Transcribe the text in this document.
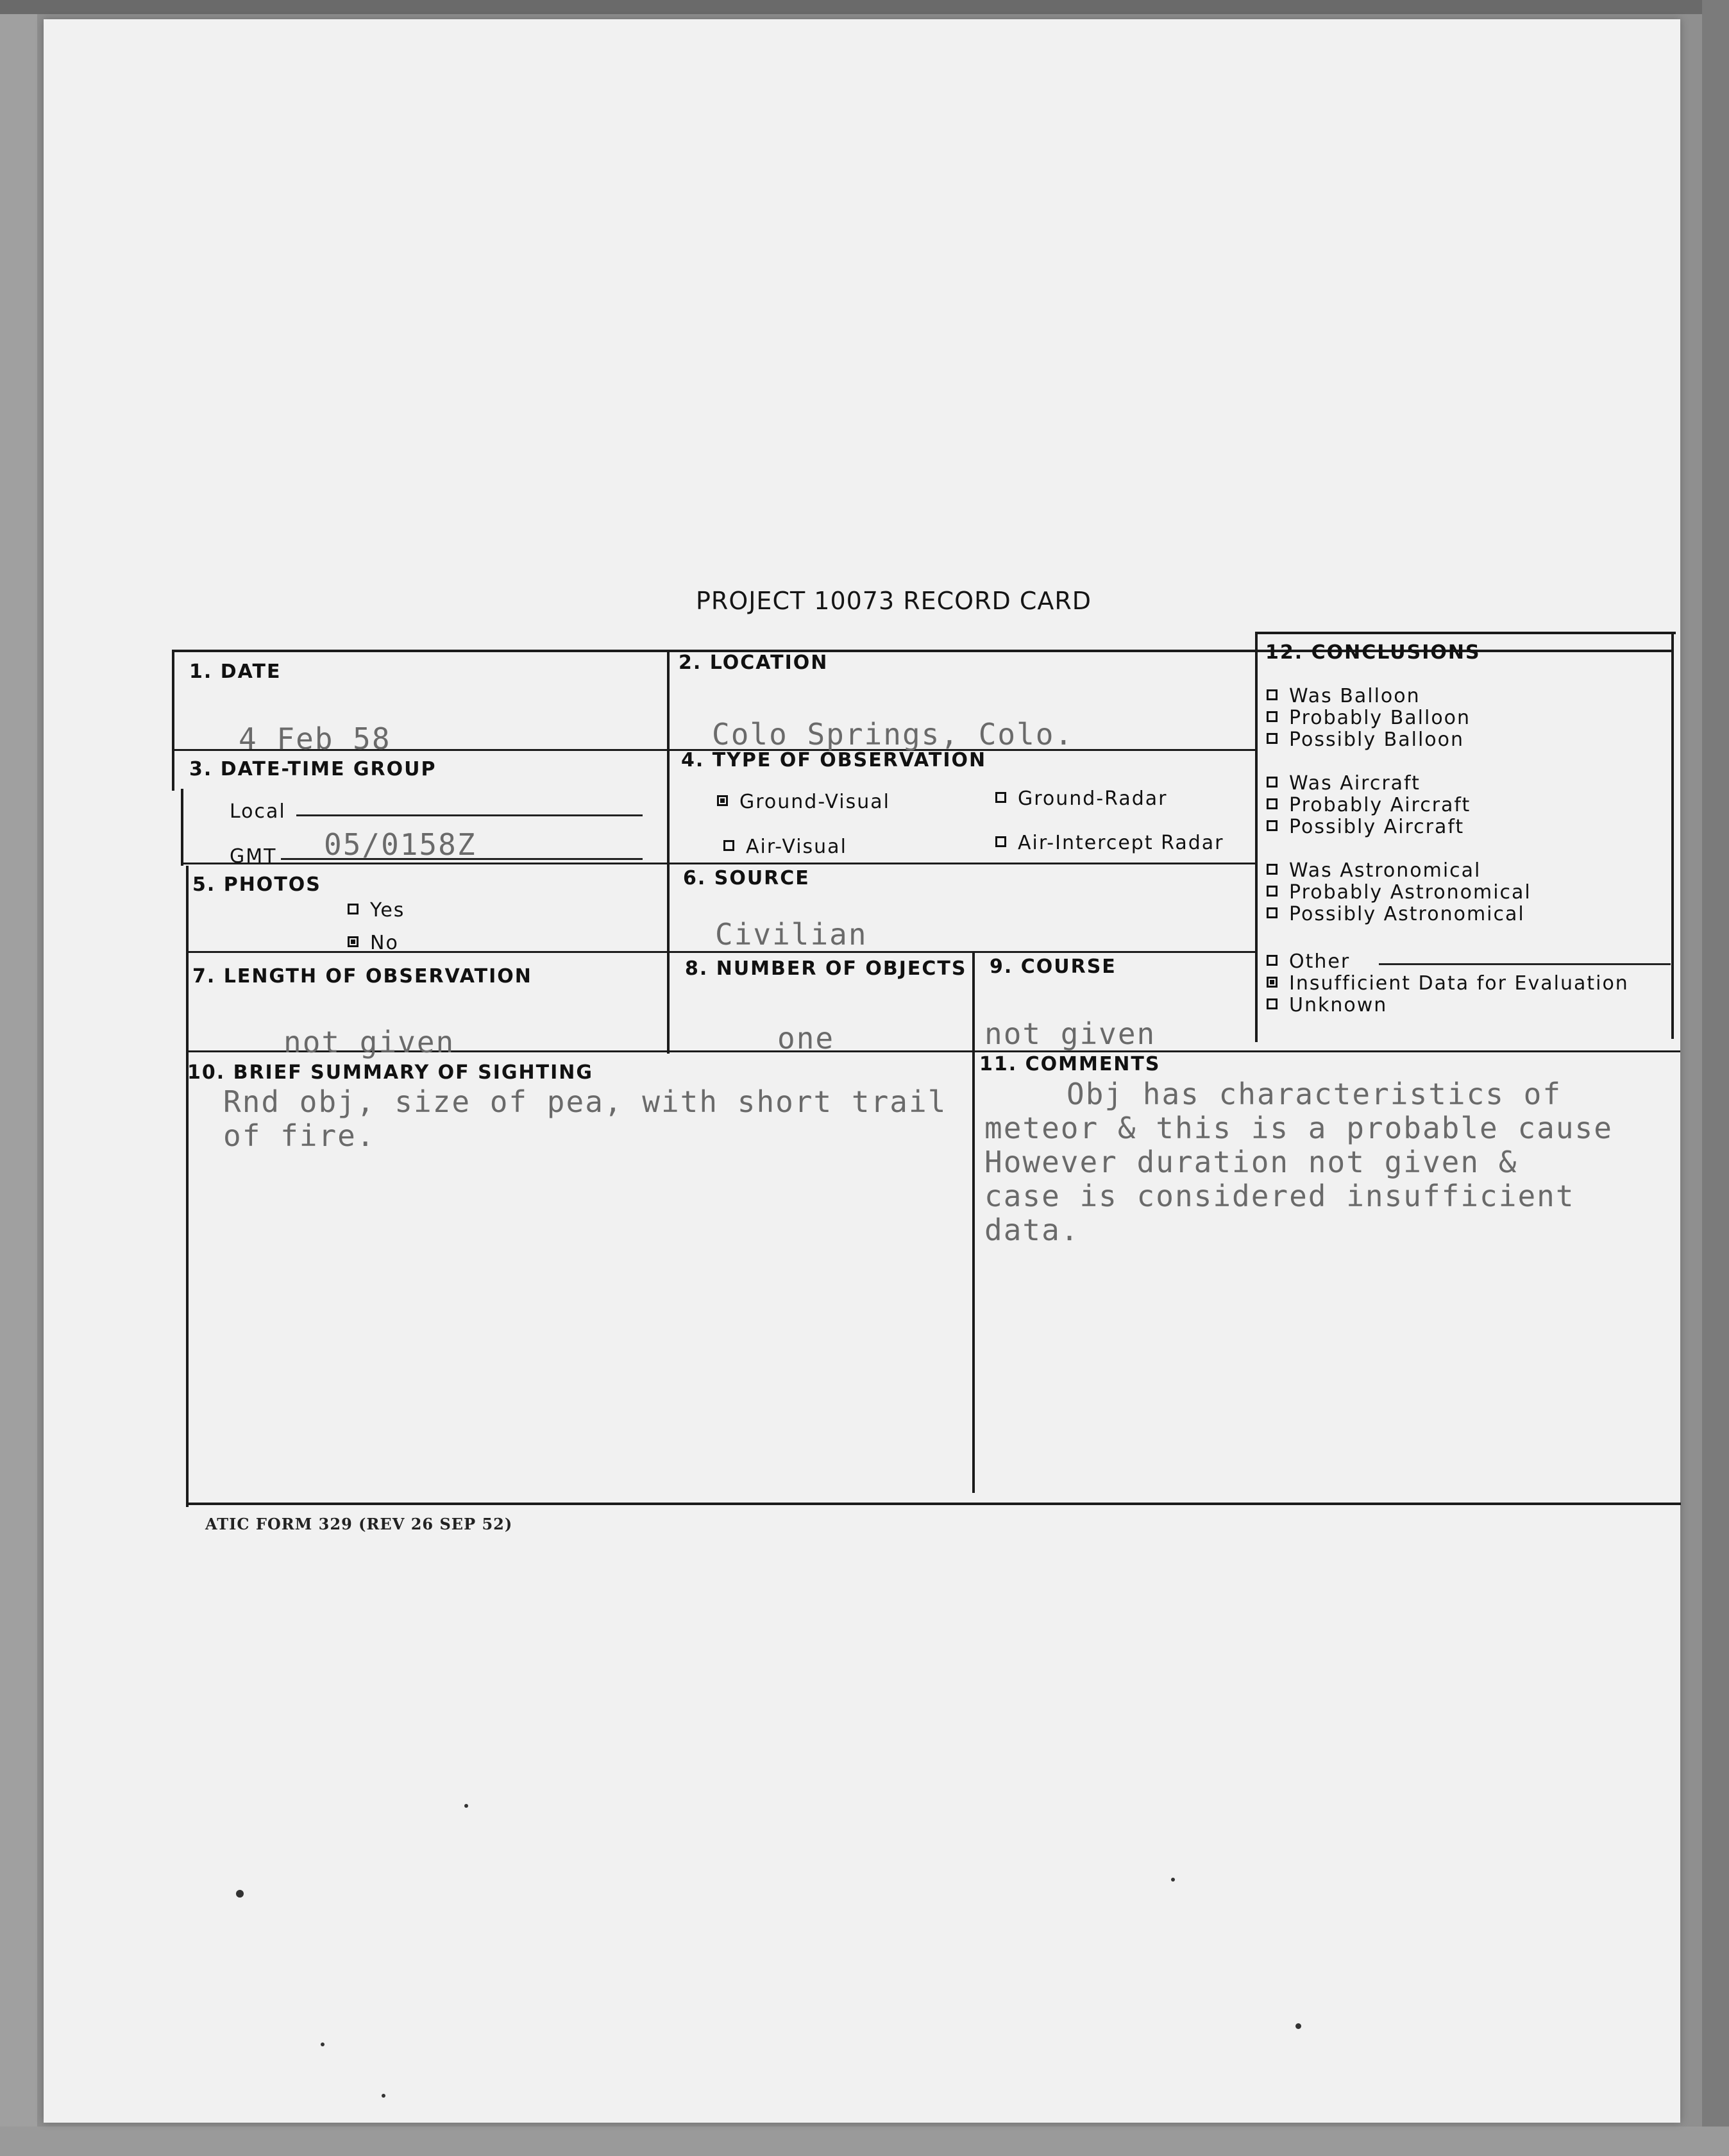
PROJECT 10073 RECORD CARD
1. DATE
4 Feb 58
2. LOCATION
Colo Springs, Colo.
3. DATE-TIME GROUP
Local
GMT 05/0158Z
4. TYPE OF OBSERVATION
Ground-Visual	Ground-Radar
Air-Visual	Air-Intercept Radar
5. PHOTOS
Yes
No
6. SOURCE
Civilian
7. LENGTH OF OBSERVATION
not given
8. NUMBER OF OBJECTS
one
9. COURSE
not given
10. BRIEF SUMMARY OF SIGHTING
Rnd obj, size of pea, with short trail
of fire.
11. COMMENTS
Obj has characteristics of
meteor & this is a probable cause
However duration not given &
case is considered insufficient
data.
12. CONCLUSIONS
Was Balloon
Probably Balloon
Possibly Balloon
Was Aircraft
Probably Aircraft
Possibly Aircraft
Was Astronomical
Probably Astronomical
Possibly Astronomical
Other
Insufficient Data for Evaluation
Unknown
ATIC FORM 329 (REV 26 SEP 52)
